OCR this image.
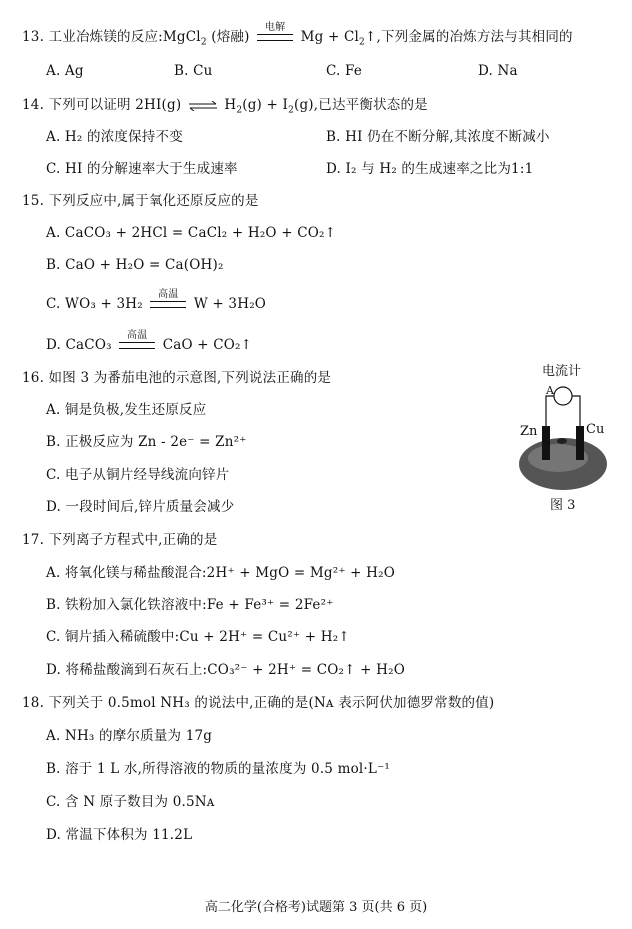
13. 工业冶炼镁的反应:MgCl$_2$ (熔融)
电解
$Mg + Cl_2↑$,下列金属的冶炼方法与其相同的
A. Ag	B. Cu	C. Fe	D. Na
14. 下列可以证明 2HI(g) ⇌ $H_2(g) + I_2(g)$,已达平衡状态的是
A. H₂ 的浓度保持不变	B. HI 仍在不断分解,其浓度不断减小
C. HI 的分解速率大于生成速率	D. I₂ 与 H₂ 的生成速率之比为1:1
15. 下列反应中,属于氧化还原反应的是
A. CaCO₃ + 2HCl = CaCl₂ + H₂O + CO₂↑
B. CaO + H₂O = Ca(OH)₂
C. WO₃ + 3H₂
高温
W + 3H₂O
D. CaCO₃
高温
CaO + CO₂↑
16. 如图 3 为番茄电池的示意图,下列说法正确的是
A. 铜是负极,发生还原反应
B. 正极反应为 Zn - 2e⁻ = Zn²⁺
C. 电子从铜片经导线流向锌片
D. 一段时间后,锌片质量会减少
电流计
A
Zn	Cu
图 3
17. 下列离子方程式中,正确的是
A. 将氧化镁与稀盐酸混合:2H⁺ + MgO = Mg²⁺ + H₂O
B. 铁粉加入氯化铁溶液中:Fe + Fe³⁺ = 2Fe²⁺
C. 铜片插入稀硫酸中:Cu + 2H⁺ = Cu²⁺ + H₂↑
D. 将稀盐酸滴到石灰石上:CO₃²⁻ + 2H⁺ = CO₂↑ + H₂O
18. 下列关于 0.5mol NH₃ 的说法中,正确的是(Nᴀ 表示阿伏加德罗常数的值)
A. NH₃ 的摩尔质量为 17g
B. 溶于 1 L 水,所得溶液的物质的量浓度为 0.5 mol·L⁻¹
C. 含 N 原子数目为 0.5Nᴀ
D. 常温下体积为 11.2L
高二化学(合格考)试题第 3 页(共 6 页)
